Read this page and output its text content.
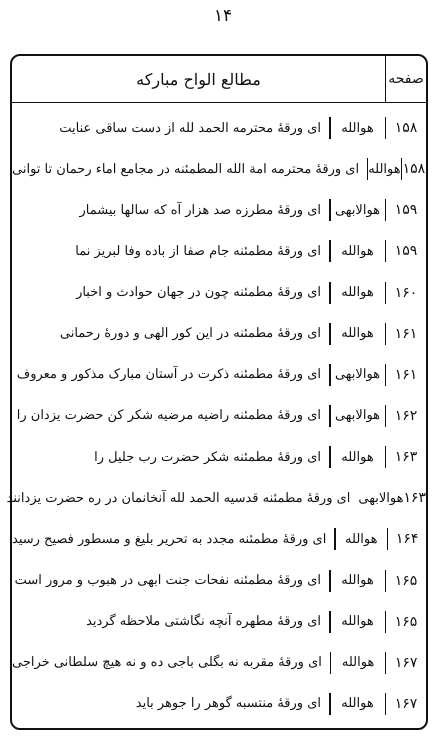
۱۴
صفحه
مطالع الواح مبارکه
۱۵۸
هوالله
ای ورقهٔ محترمه الحمد لله از دست ساقی عنایت
۱۵۸
هوالله
ای ورقهٔ محترمه امة الله المطمئنه در مجامع اماء رحمان تا توانی
۱۵۹
هوالابهی
ای ورقهٔ مطرزه صد هزار آه که سالها بیشمار
۱۵۹
هوالله
ای ورقهٔ مطمئنه جام صفا از باده وفا لبریز نما
۱۶۰
هوالله
ای ورقهٔ مطمئنه چون در جهان حوادث و اخبار
۱۶۱
هوالله
ای ورقهٔ مطمئنه در این کور الهی و دورهٔ رحمانی
۱۶۱
هوالابهی
ای ورقهٔ مطمئنه ذکرت در آستان مبارک مذکور و معروف
۱۶۲
هوالابهی
ای ورقهٔ مطمئنه راضیه مرضیه شکر کن حضرت یزدان را
۱۶۳
هوالله
ای ورقهٔ مطمئنه شکر حضرت رب جلیل را
۱۶۳
هوالابهی
ای ورقهٔ مطمئنه قدسیه الحمد لله آنخانمان در ره حضرت یزدانند
۱۶۴
هوالله
ای ورقهٔ مطمئنه مجدد به تحریر بلیغ و مسطور فصیح رسید
۱۶۵
هوالله
ای ورقهٔ مطمئنه نفحات جنت ابهی در هبوب و مرور است
۱۶۵
هوالله
ای ورقهٔ مطهره آنچه نگاشتی ملاحظه گردید
۱۶۷
هوالله
ای ورقهٔ مقربه نه بگلی باجی ده و نه هیچ سلطانی خراجی
۱۶۷
هوالله
ای ورقهٔ منتسبه گوهر را جوهر باید
